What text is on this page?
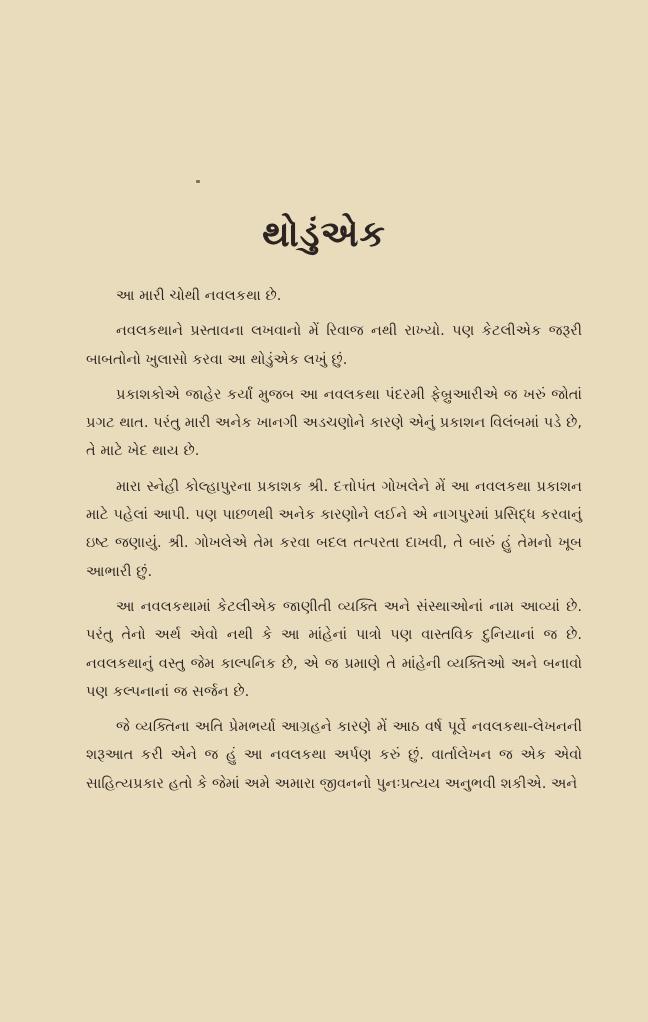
થોડુંએક

આ મારી ચોથી નવલકથા છે.

નવલકથાને પ્રસ્તાવના લખવાનો મેં રિવાજ નથી રાખ્યો. પણ કેટલીએક જરૂરી બાબતોનો ખુલાસો કરવા આ થોડુંએક લખું છું.

પ્રકાશકોએ જાહેર કર્યાં મુજબ આ નવલકથા પંદરમી ફેબ્રુઆરીએ જ ખરું જોતાં પ્રગટ થાત. પરંતુ મારી અનેક ખાનગી અડચણોને કારણે એનું પ્રકાશન વિલંબમાં પડે છે, તે માટે ખેદ થાય છે.

મારા સ્નેહી કોલ્હાપુરના પ્રકાશક શ્રી. દત્તોપંત ગોખલેને મેં આ નવલકથા પ્રકાશન માટે પહેલાં આપી. પણ પાછળથી અનેક કારણોને લઈને એ નાગપુરમાં પ્રસિદ્ધ કરવાનું ઇષ્ટ જણાયું. શ્રી. ગોખલેએ તેમ કરવા બદલ તત્પરતા દાખવી, તે બારું હું તેમનો ખૂબ આભારી છું.

આ નવલકથામાં કેટલીએક જાણીતી વ્યક્તિ અને સંસ્થાઓનાં નામ આવ્યાં છે. પરંતુ તેનો અર્થ એવો નથી કે આ માંહેનાં પાત્રો પણ વાસ્તવિક દુનિયાનાં જ છે. નવલકથાનું વસ્તુ જેમ કાલ્પનિક છે, એ જ પ્રમાણે તે માંહેની વ્યક્તિઓ અને બનાવો પણ કલ્પનાનાં જ સર્જન છે.

જે વ્યક્તિના અતિ પ્રેમભર્યા આગ્રહને કારણે મેં આઠ વર્ષ પૂર્વે નવલકથા-લેખનની શરૂઆત કરી એને જ હું આ નવલકથા અર્પણ કરું છું. વાર્તાલેખન જ એક એવો સાહિત્યપ્રકાર હતો કે જેમાં અમે અમારા જીવનનો પુનઃપ્રત્યય અનુભવી શકીએ. અને
